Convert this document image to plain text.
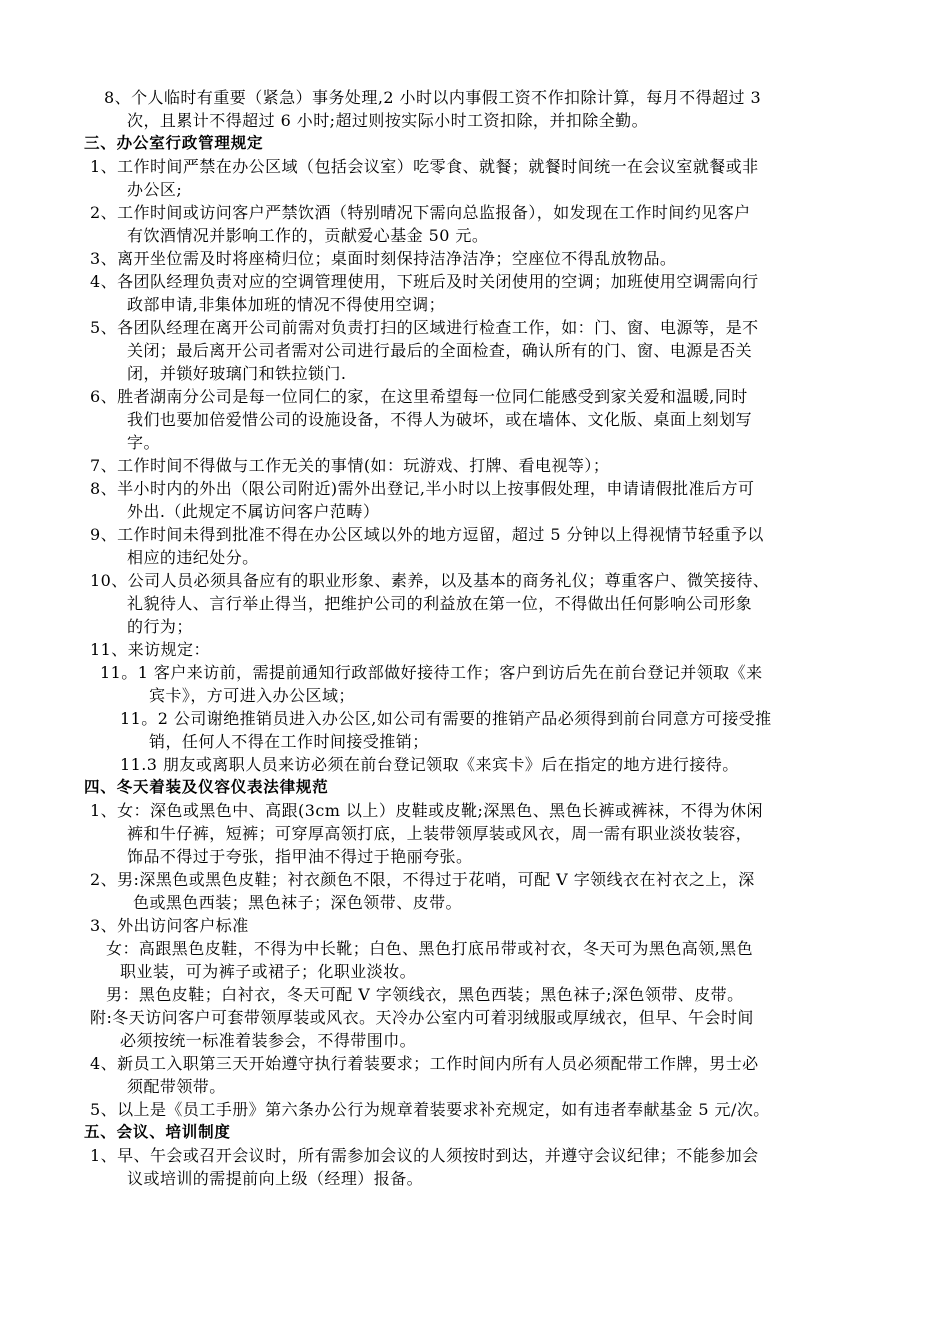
8、个人临时有重要（紧急）事务处理,2 小时以内事假工资不作扣除计算，每月不得超过 3
次，且累计不得超过 6 小时;超过则按实际小时工资扣除，并扣除全勤。
三、办公室行政管理规定
1、工作时间严禁在办公区域（包括会议室）吃零食、就餐；就餐时间统一在会议室就餐或非
办公区;
2、工作时间或访问客户严禁饮酒（特别晴况下需向总监报备），如发现在工作时间约见客户
有饮酒情况并影响工作的，贡献爱心基金 50 元。
3、离开坐位需及时将座椅归位；桌面时刻保持洁净洁净；空座位不得乱放物品。
4、各团队经理负责对应的空调管理使用，下班后及时关闭使用的空调；加班使用空调需向行
政部申请,非集体加班的情况不得使用空调；
5、各团队经理在离开公司前需对负责打扫的区域进行检查工作，如：门、窗、电源等，是不
关闭；最后离开公司者需对公司进行最后的全面检查，确认所有的门、窗、电源是否关
闭，并锁好玻璃门和铁拉锁门.
6、胜者湖南分公司是每一位同仁的家，在这里希望每一位同仁能感受到家关爱和温暖,同时
我们也要加倍爱惜公司的设施设备，不得人为破坏，或在墙体、文化版、桌面上刻划写
字。
7、工作时间不得做与工作无关的事情(如：玩游戏、打牌、看电视等）；
8、半小时内的外出（限公司附近)需外出登记,半小时以上按事假处理，申请请假批准后方可
外出.（此规定不属访问客户范畴）
9、工作时间未得到批准不得在办公区域以外的地方逗留，超过 5 分钟以上得视情节轻重予以
相应的违纪处分。
10、公司人员必须具备应有的职业形象、素养，以及基本的商务礼仪；尊重客户、微笑接待、
礼貌待人、言行举止得当，把维护公司的利益放在第一位，不得做出任何影响公司形象
的行为；
11、来访规定：
11。1 客户来访前，需提前通知行政部做好接待工作；客户到访后先在前台登记并领取《来
宾卡》，方可进入办公区域；
11。2 公司谢绝推销员进入办公区,如公司有需要的推销产品必须得到前台同意方可接受推
销，任何人不得在工作时间接受推销；
11.3 朋友或离职人员来访必须在前台登记领取《来宾卡》后在指定的地方进行接待。
四、冬天着装及仪容仪表法律规范
1、女：深色或黑色中、高跟(3cm 以上）皮鞋或皮靴;深黑色、黑色长裤或裤袜，不得为休闲
裤和牛仔裤，短裤；可穿厚高领打底，上装带领厚装或风衣，周一需有职业淡妆装容，
饰品不得过于夸张，指甲油不得过于艳丽夸张。
2、男:深黑色或黑色皮鞋；衬衣颜色不限，不得过于花哨，可配 V 字领线衣在衬衣之上，深
色或黑色西装；黑色袜子；深色领带、皮带。
3、外出访问客户标准
女：高跟黑色皮鞋，不得为中长靴；白色、黑色打底吊带或衬衣，冬天可为黑色高领,黑色
职业装，可为裤子或裙子；化职业淡妆。
男：黑色皮鞋；白衬衣，冬天可配 V 字领线衣，黑色西装；黑色袜子;深色领带、皮带。
附:冬天访问客户可套带领厚装或风衣。天冷办公室内可着羽绒服或厚绒衣，但早、午会时间
必须按统一标准着装参会，不得带围巾。
4、新员工入职第三天开始遵守执行着装要求；工作时间内所有人员必须配带工作牌，男士必
须配带领带。
5、以上是《员工手册》第六条办公行为规章着装要求补充规定，如有违者奉献基金 5 元/次。
五、会议、培训制度
1、早、午会或召开会议时，所有需参加会议的人须按时到达，并遵守会议纪律；不能参加会
议或培训的需提前向上级（经理）报备。
